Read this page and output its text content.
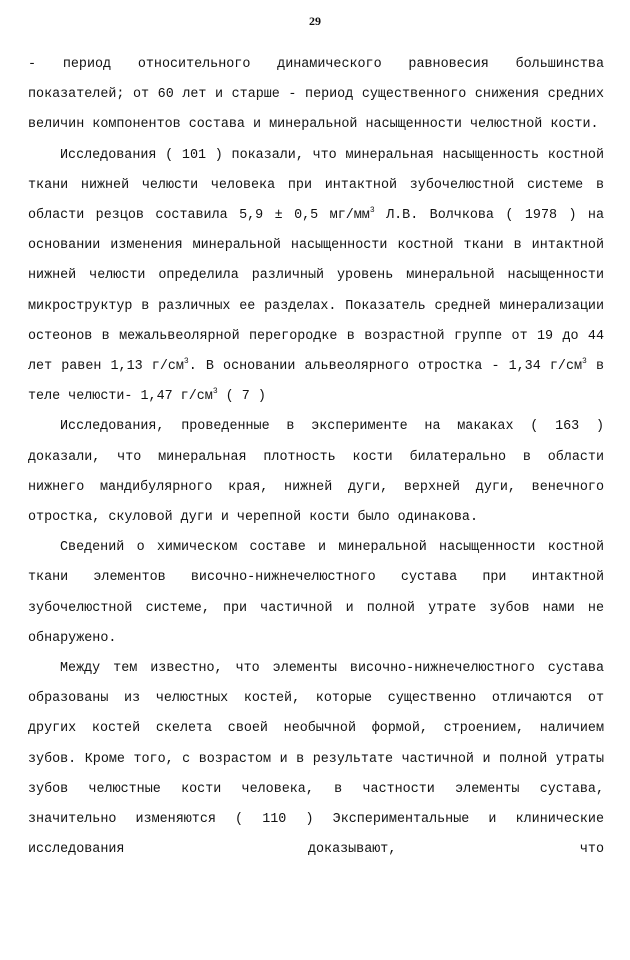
29

- период относительного динамического равновесия большинства показателей; от 60 лет и старше - период существенного снижения средних величин компонентов состава и минеральной насыщенности челюстной кости.

Исследования ( 101 ) показали, что минеральная насыщенность костной ткани нижней челюсти человека при интактной зубочелюстной системе в области резцов составила 5,9 ± 0,5 $мг/мм^3$ Л.В. Волчкова ( 1978 ) на основании изменения минеральной насыщенности костной ткани в интактной нижней челюсти определила различный уровень минеральной насыщенности микроструктур в различных ее разделах. Показатель средней минерализации остеонов в межальвеолярной перегородке в возрастной группе от 19 до 44 лет равен 1,13 $г/см^3$. В основании альвеолярного отростка - 1,34 $г/см^3$ в теле челюсти- 1,47 $г/см^3$ ( 7 )

Исследования, проведенные в эксперименте на макаках ( 163 ) доказали, что минеральная плотность кости билатерально в области нижнего мандибулярного края, нижней дуги, верхней дуги, венечного отростка, скуловой дуги и черепной кости было одинакова.

Сведений о химическом составе и минеральной насыщенности костной ткани элементов височно-нижнечелюстного сустава при интактной зубочелюстной системе, при частичной и полной утрате зубов нами не обнаружено.

Между тем известно, что элементы височно-нижнечелюстного сустава образованы из челюстных костей, которые существенно отличаются от других костей скелета своей необычной формой, строением, наличием зубов. Кроме того, с возрастом и в результате частичной и полной утраты зубов челюстные кости человека, в частности элементы сустава, значительно изменяются ( 110 ) Экспериментальные и клинические исследования доказывают, что
